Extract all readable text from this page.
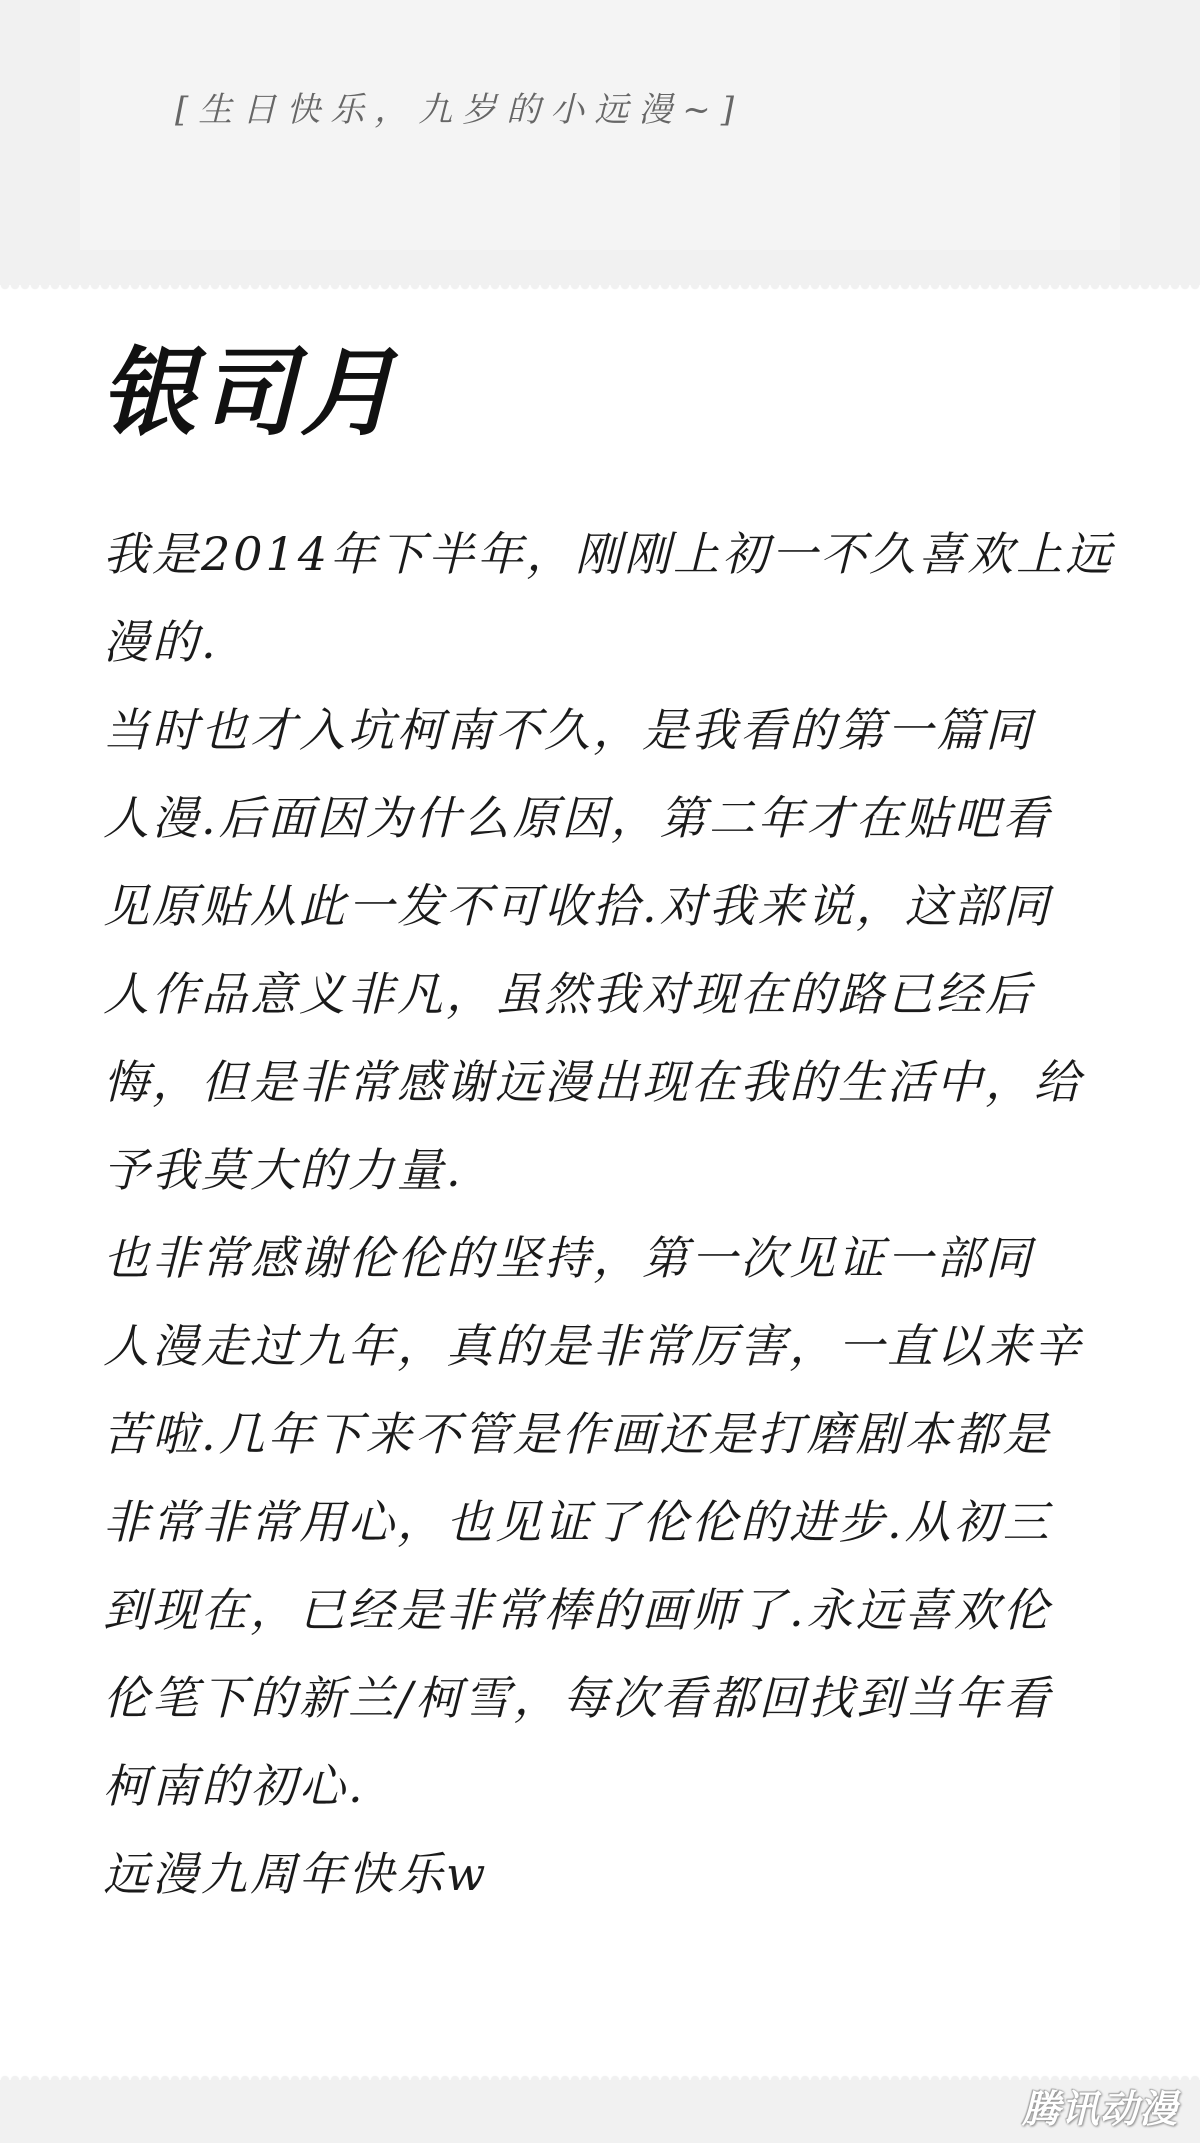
[生日快乐，九岁的小远漫~]
银司月
我是2014年下半年，刚刚上初一不久喜欢上远
漫的.
当时也才入坑柯南不久，是我看的第一篇同
人漫.后面因为什么原因，第二年才在贴吧看
见原贴从此一发不可收拾.对我来说，这部同
人作品意义非凡，虽然我对现在的路已经后
悔，但是非常感谢远漫出现在我的生活中，给
予我莫大的力量.
也非常感谢伦伦的坚持，第一次见证一部同
人漫走过九年，真的是非常厉害，一直以来辛
苦啦.几年下来不管是作画还是打磨剧本都是
非常非常用心，也见证了伦伦的进步.从初三
到现在，已经是非常棒的画师了.永远喜欢伦
伦笔下的新兰/柯雪，每次看都回找到当年看
柯南的初心.
远漫九周年快乐w
腾讯动漫
